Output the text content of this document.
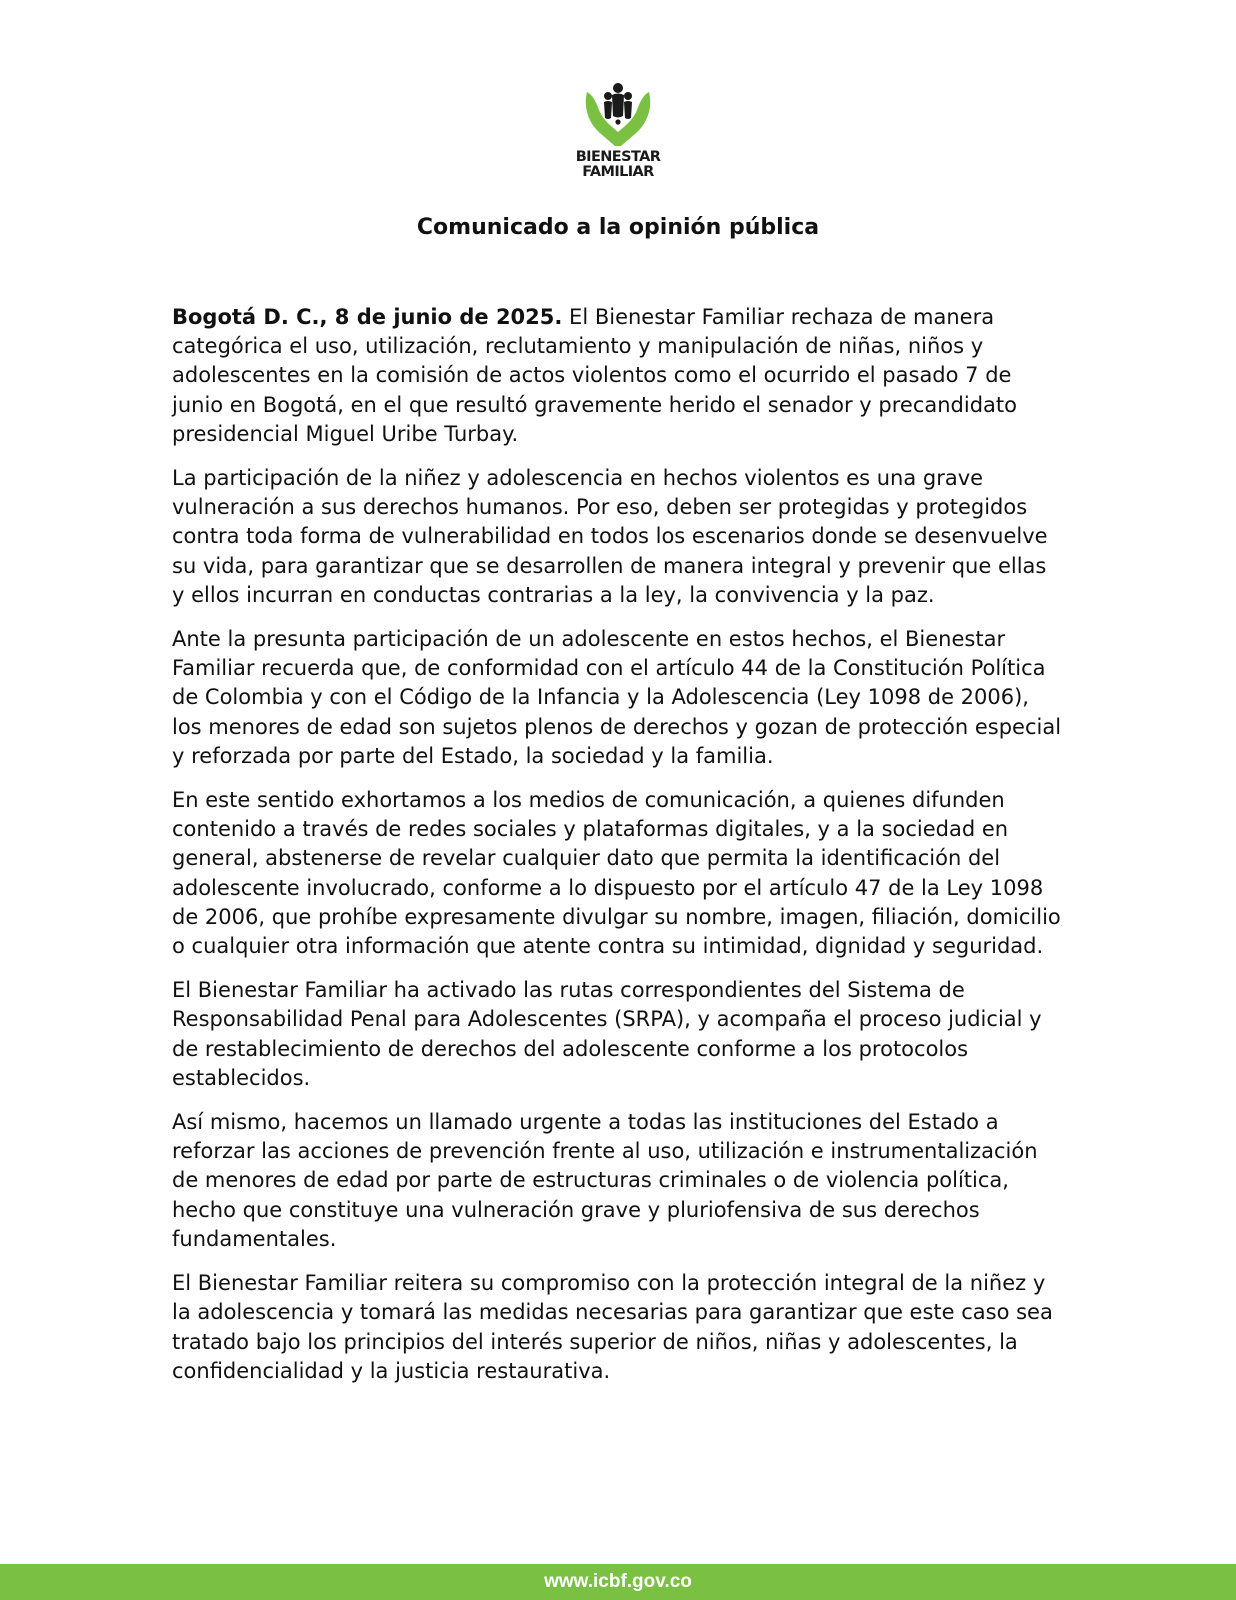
BIENESTAR
FAMILIAR
Comunicado a la opinión pública

Bogotá D. C., 8 de junio de 2025. El Bienestar Familiar rechaza de manera categórica el uso, utilización, reclutamiento y manipulación de niñas, niños y adolescentes en la comisión de actos violentos como el ocurrido el pasado 7 de junio en Bogotá, en el que resultó gravemente herido el senador y precandidato presidencial Miguel Uribe Turbay.

La participación de la niñez y adolescencia en hechos violentos es una grave vulneración a sus derechos humanos. Por eso, deben ser protegidas y protegidos contra toda forma de vulnerabilidad en todos los escenarios donde se desenvuelve su vida, para garantizar que se desarrollen de manera integral y prevenir que ellas y ellos incurran en conductas contrarias a la ley, la convivencia y la paz.

Ante la presunta participación de un adolescente en estos hechos, el Bienestar Familiar recuerda que, de conformidad con el artículo 44 de la Constitución Política de Colombia y con el Código de la Infancia y la Adolescencia (Ley 1098 de 2006), los menores de edad son sujetos plenos de derechos y gozan de protección especial y reforzada por parte del Estado, la sociedad y la familia.

En este sentido exhortamos a los medios de comunicación, a quienes difunden contenido a través de redes sociales y plataformas digitales, y a la sociedad en general, abstenerse de revelar cualquier dato que permita la identificación del adolescente involucrado, conforme a lo dispuesto por el artículo 47 de la Ley 1098 de 2006, que prohíbe expresamente divulgar su nombre, imagen, filiación, domicilio o cualquier otra información que atente contra su intimidad, dignidad y seguridad.

El Bienestar Familiar ha activado las rutas correspondientes del Sistema de Responsabilidad Penal para Adolescentes (SRPA), y acompaña el proceso judicial y de restablecimiento de derechos del adolescente conforme a los protocolos establecidos.

Así mismo, hacemos un llamado urgente a todas las instituciones del Estado a reforzar las acciones de prevención frente al uso, utilización e instrumentalización de menores de edad por parte de estructuras criminales o de violencia política, hecho que constituye una vulneración grave y pluriofensiva de sus derechos fundamentales.

El Bienestar Familiar reitera su compromiso con la protección integral de la niñez y la adolescencia y tomará las medidas necesarias para garantizar que este caso sea tratado bajo los principios del interés superior de niños, niñas y adolescentes, la confidencialidad y la justicia restaurativa.

www.icbf.gov.co
